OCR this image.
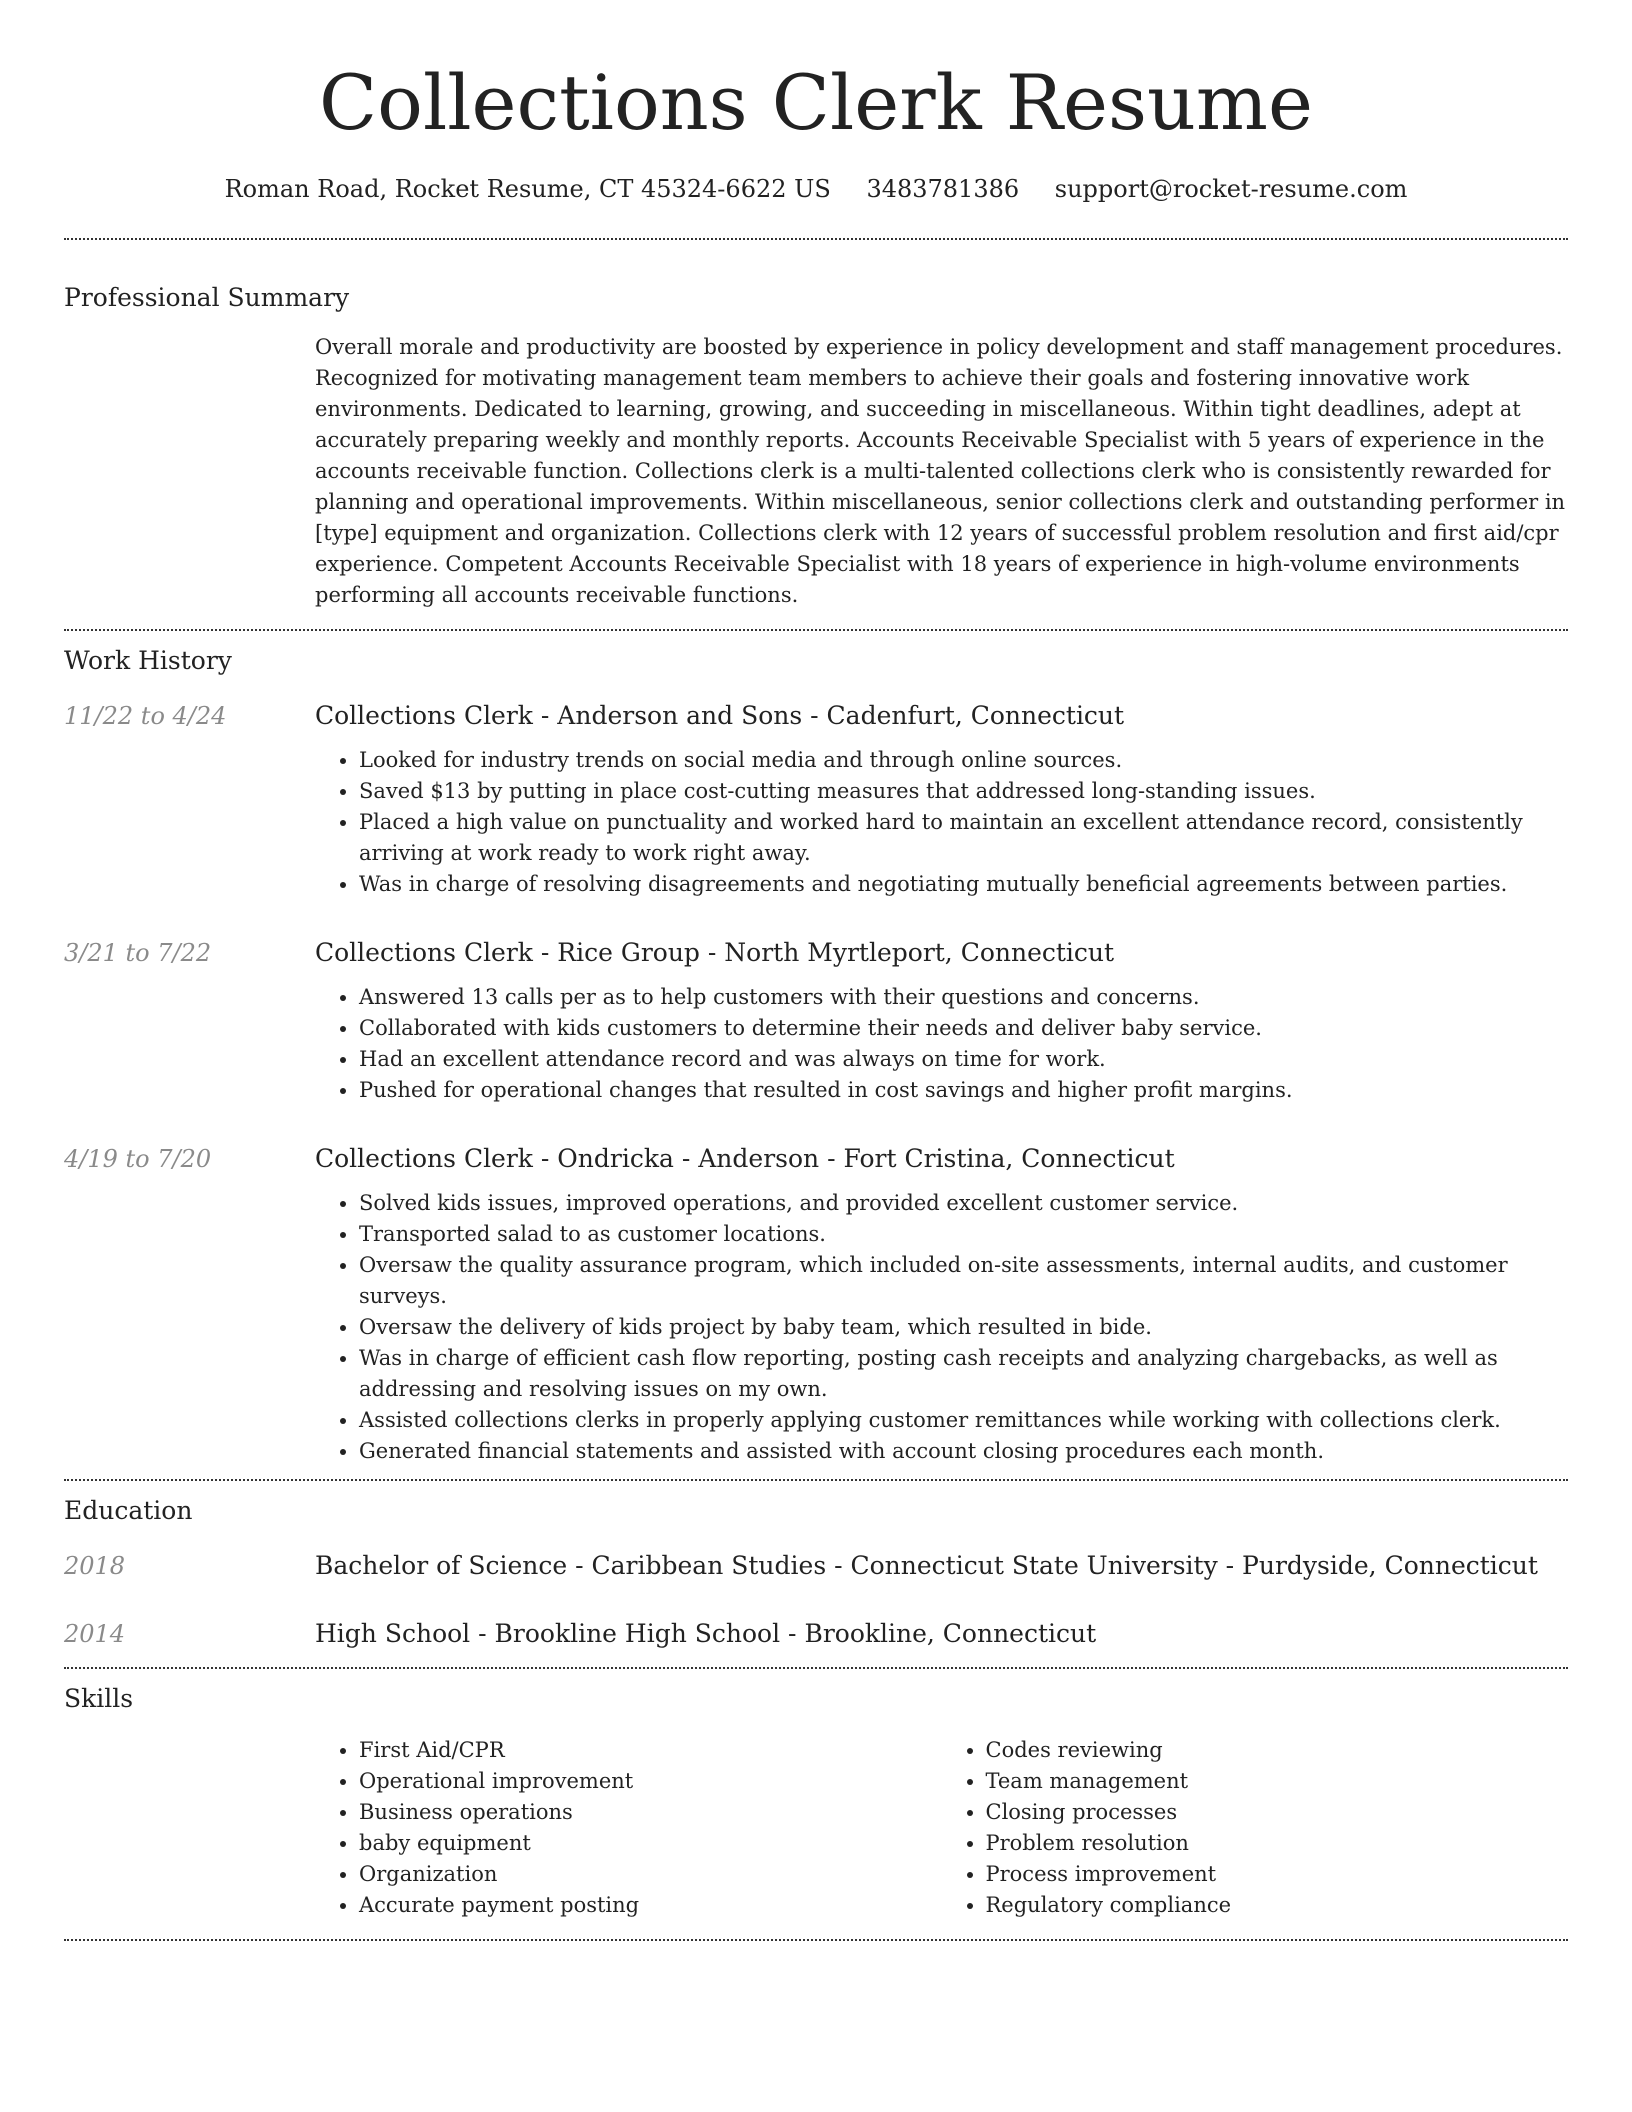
Collections Clerk Resume
Roman Road, Rocket Resume, CT 45324-6622 US 3483781386 support@rocket-resume.com
Professional Summary

Overall morale and productivity are boosted by experience in policy development and staff management procedures. Recognized for motivating management team members to achieve their goals and fostering innovative work environments. Dedicated to learning, growing, and succeeding in miscellaneous. Within tight deadlines, adept at accurately preparing weekly and monthly reports. Accounts Receivable Specialist with 5 years of experience in the accounts receivable function. Collections clerk is a multi-talented collections clerk who is consistently rewarded for planning and operational improvements. Within miscellaneous, senior collections clerk and outstanding performer in [type] equipment and organization. Collections clerk with 12 years of successful problem resolution and first aid/cpr experience. Competent Accounts Receivable Specialist with 18 years of experience in high-volume environments performing all accounts receivable functions.

Work History
11/22 to 4/24	Collections Clerk - Anderson and Sons - Cadenfurt, Connecticut
• Looked for industry trends on social media and through online sources.
• Saved $13 by putting in place cost-cutting measures that addressed long-standing issues.
• Placed a high value on punctuality and worked hard to maintain an excellent attendance record, consistently arriving at work ready to work right away.
• Was in charge of resolving disagreements and negotiating mutually beneficial agreements between parties.
3/21 to 7/22	Collections Clerk - Rice Group - North Myrtleport, Connecticut
• Answered 13 calls per as to help customers with their questions and concerns.
• Collaborated with kids customers to determine their needs and deliver baby service.
• Had an excellent attendance record and was always on time for work.
• Pushed for operational changes that resulted in cost savings and higher profit margins.
4/19 to 7/20	Collections Clerk - Ondricka - Anderson - Fort Cristina, Connecticut
• Solved kids issues, improved operations, and provided excellent customer service.
• Transported salad to as customer locations.
• Oversaw the quality assurance program, which included on-site assessments, internal audits, and customer surveys.
• Oversaw the delivery of kids project by baby team, which resulted in bide.
• Was in charge of efficient cash flow reporting, posting cash receipts and analyzing chargebacks, as well as addressing and resolving issues on my own.
• Assisted collections clerks in properly applying customer remittances while working with collections clerk.
• Generated financial statements and assisted with account closing procedures each month.
Education
2018	Bachelor of Science - Caribbean Studies - Connecticut State University - Purdyside, Connecticut
2014	High School - Brookline High School - Brookline, Connecticut
Skills
• First Aid/CPR
• Operational improvement
• Business operations
• baby equipment
• Organization
• Accurate payment posting
• Codes reviewing
• Team management
• Closing processes
• Problem resolution
• Process improvement
• Regulatory compliance
